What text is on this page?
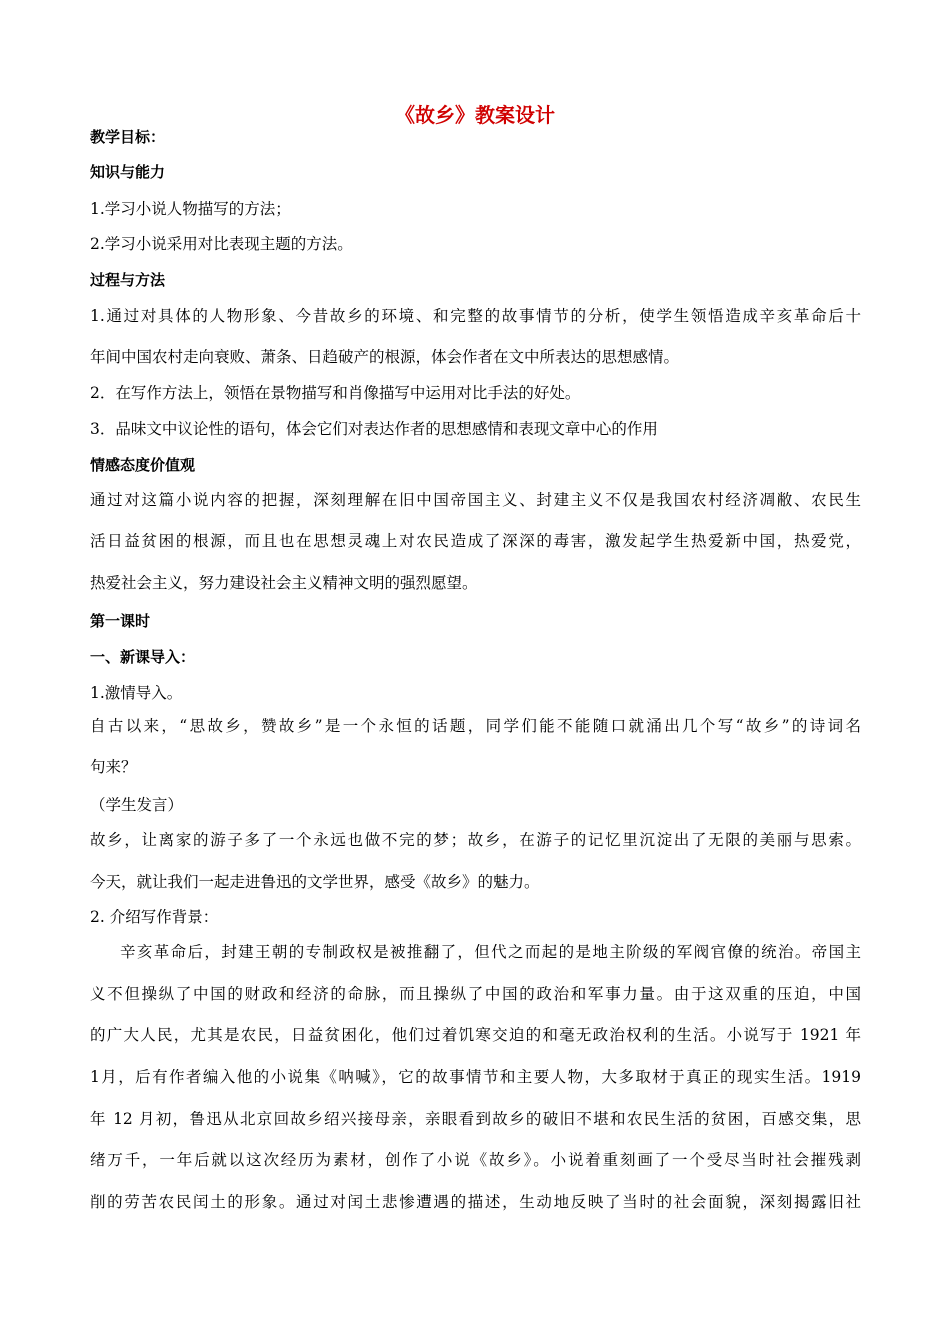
《故乡》教案设计
教学目标：
知识与能力
1.学习小说人物描写的方法；
2.学习小说采用对比表现主题的方法。
过程与方法
1.通过对具体的人物形象、今昔故乡的环境、和完整的故事情节的分析，使学生领悟造成辛亥革命后十
年间中国农村走向衰败、萧条、日趋破产的根源，体会作者在文中所表达的思想感情。
2．在写作方法上，领悟在景物描写和肖像描写中运用对比手法的好处。
3．品味文中议论性的语句，体会它们对表达作者的思想感情和表现文章中心的作用
情感态度价值观
通过对这篇小说内容的把握，深刻理解在旧中国帝国主义、封建主义不仅是我国农村经济凋敝、农民生
活日益贫困的根源，而且也在思想灵魂上对农民造成了深深的毒害，激发起学生热爱新中国，热爱党，
热爱社会主义，努力建设社会主义精神文明的强烈愿望。
第一课时
一、新课导入：
1.激情导入。
自古以来，“思故乡，赞故乡”是一个永恒的话题，同学们能不能随口就涌出几个写“故乡”的诗词名
句来？
（学生发言）
故乡，让离家的游子多了一个永远也做不完的梦；故乡，在游子的记忆里沉淀出了无限的美丽与思索。
今天，就让我们一起走进鲁迅的文学世界，感受《故乡》的魅力。
2. 介绍写作背景：
辛亥革命后，封建王朝的专制政权是被推翻了，但代之而起的是地主阶级的军阀官僚的统治。帝国主
义不但操纵了中国的财政和经济的命脉，而且操纵了中国的政治和军事力量。由于这双重的压迫，中国
的广大人民，尤其是农民，日益贫困化，他们过着饥寒交迫的和毫无政治权利的生活。小说写于 1921 年
1月，后有作者编入他的小说集《呐喊》，它的故事情节和主要人物，大多取材于真正的现实生活。1919
年 12 月初，鲁迅从北京回故乡绍兴接母亲，亲眼看到故乡的破旧不堪和农民生活的贫困，百感交集，思
绪万千，一年后就以这次经历为素材，创作了小说《故乡》。小说着重刻画了一个受尽当时社会摧残剥
削的劳苦农民闰土的形象。通过对闰土悲惨遭遇的描述，生动地反映了当时的社会面貌，深刻揭露旧社
